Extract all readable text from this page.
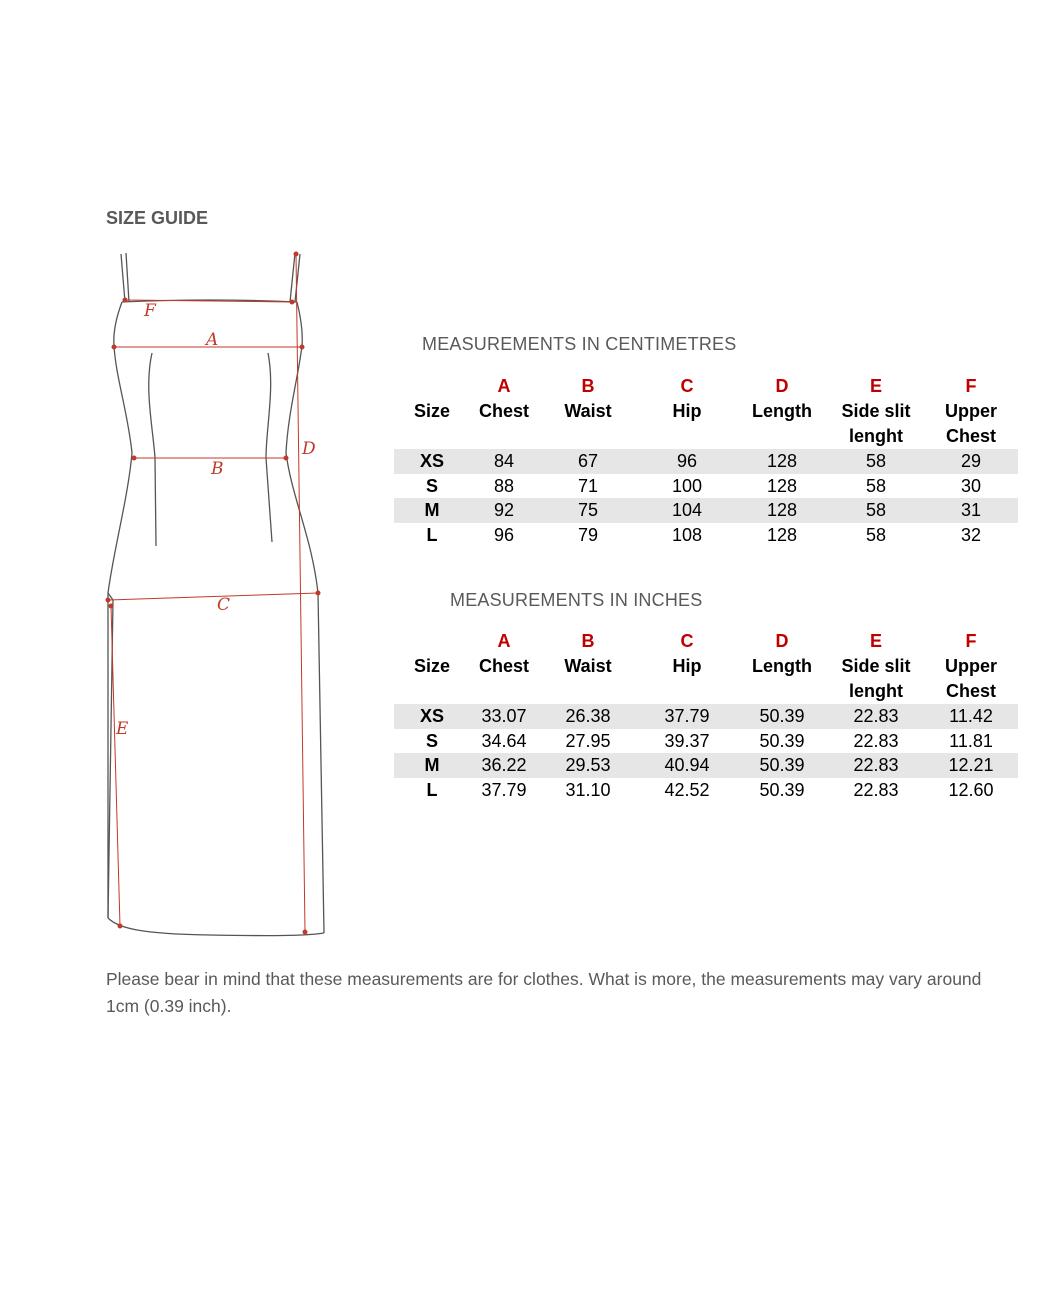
SIZE GUIDE
F
A
B
D
C
E
MEASUREMENTS IN CENTIMETRES
	A	B	C	D	E	F
Size	Chest	Waist	Hip	Length	Side slit lenght	Upper Chest
XS	84	67	96	128	58	29
S	88	71	100	128	58	30
M	92	75	104	128	58	31
L	96	79	108	128	58	32
MEASUREMENTS IN INCHES
	A	B	C	D	E	F
Size	Chest	Waist	Hip	Length	Side slit lenght	Upper Chest
XS	33.07	26.38	37.79	50.39	22.83	11.42
S	34.64	27.95	39.37	50.39	22.83	11.81
M	36.22	29.53	40.94	50.39	22.83	12.21
L	37.79	31.10	42.52	50.39	22.83	12.60
Please bear in mind that these measurements are for clothes. What is more, the measurements may vary around 1cm (0.39 inch).
